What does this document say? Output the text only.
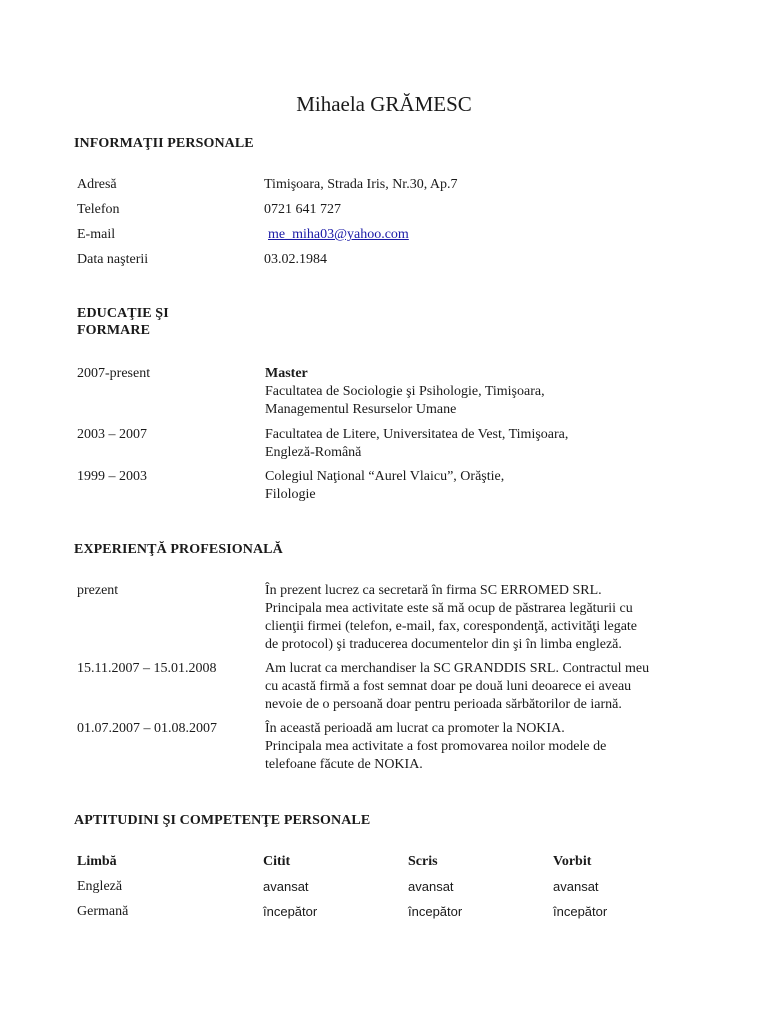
Mihaela GRĂMESC
INFORMAŢII PERSONALE
Adresă	Timişoara, Strada Iris, Nr.30, Ap.7
Telefon	0721 641 727
E-mail	me_miha03@yahoo.com
Data naşterii	03.02.1984
EDUCAŢIE ŞI
FORMARE
2007-present	Master
Facultatea de Sociologie şi Psihologie, Timişoara,
Managementul Resurselor Umane
2003 – 2007	Facultatea de Litere, Universitatea de Vest, Timişoara,
Engleză-Română
1999 – 2003	Colegiul Naţional “Aurel Vlaicu”, Orăştie,
Filologie
EXPERIENŢĂ PROFESIONALĂ
prezent	În prezent lucrez ca secretară în firma SC ERROMED SRL.
Principala mea activitate este să mă ocup de păstrarea legăturii cu
clienţii firmei (telefon, e-mail, fax, corespondenţă, activităţi legate
de protocol) şi traducerea documentelor din şi în limba engleză.
15.11.2007 – 15.01.2008	Am lucrat ca merchandiser la SC GRANDDIS SRL. Contractul meu
cu acastă firmă a fost semnat doar pe două luni deoarece ei aveau
nevoie de o persoană doar pentru perioada sărbătorilor de iarnă.
01.07.2007 – 01.08.2007	În această perioadă am lucrat ca promoter la NOKIA.
Principala mea activitate a fost promovarea noilor modele de
telefoane făcute de NOKIA.
APTITUDINI ŞI COMPETENŢE PERSONALE
Limbă	Citit	Scris	Vorbit
Engleză	avansat	avansat	avansat
Germană	începător	începător	începător
